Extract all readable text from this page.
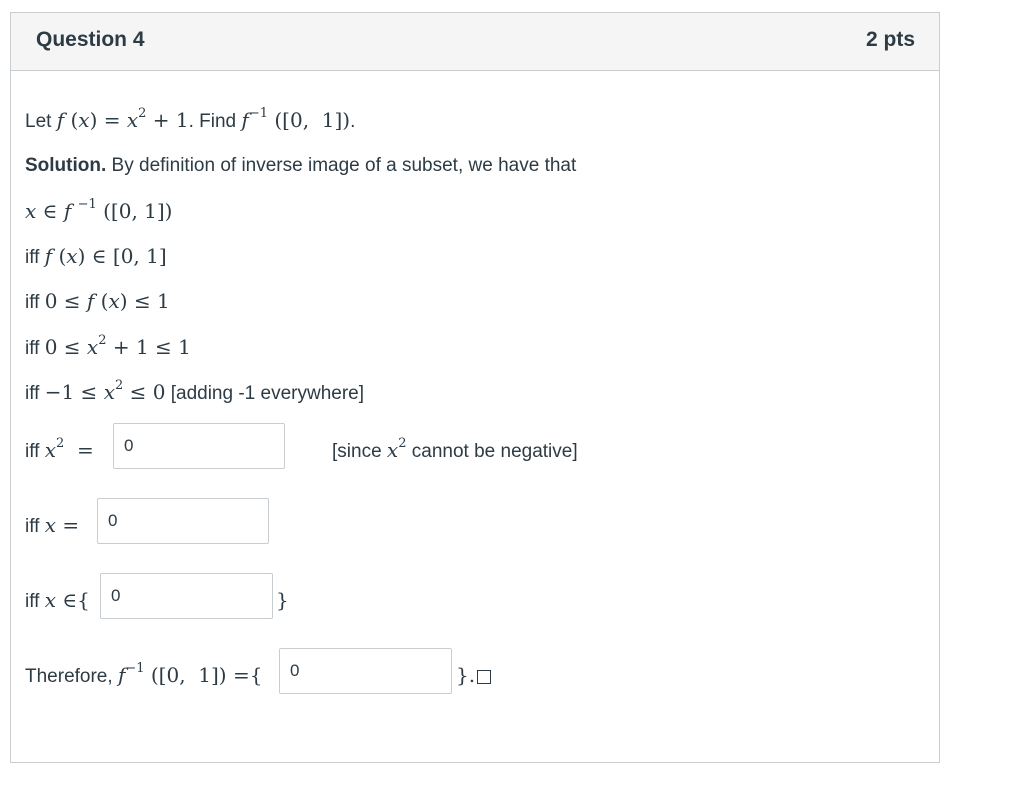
Question 4	2 pts
Let f $(x) = x^2 + 1$. Find $f^{-1}$ ([0,  1]).
Solution. By definition of inverse image of a subset, we have that
x ∈ f $^{-1}$ ([0, 1])
iff f (x) ∈ [0, 1]
iff 0 ≤ f (x) ≤ 1
iff $0 \le x^2 + 1 \le 1$
iff $-1 \le x^2 \le 0$ [adding -1 everywhere]
iff $x^2 = 0$	[since $x^2$ cannot be negative]
iff x = 0
iff x ∈{ 0	}
Therefore, $f^{-1}$ ([0,  1]) ={ 0	}.
